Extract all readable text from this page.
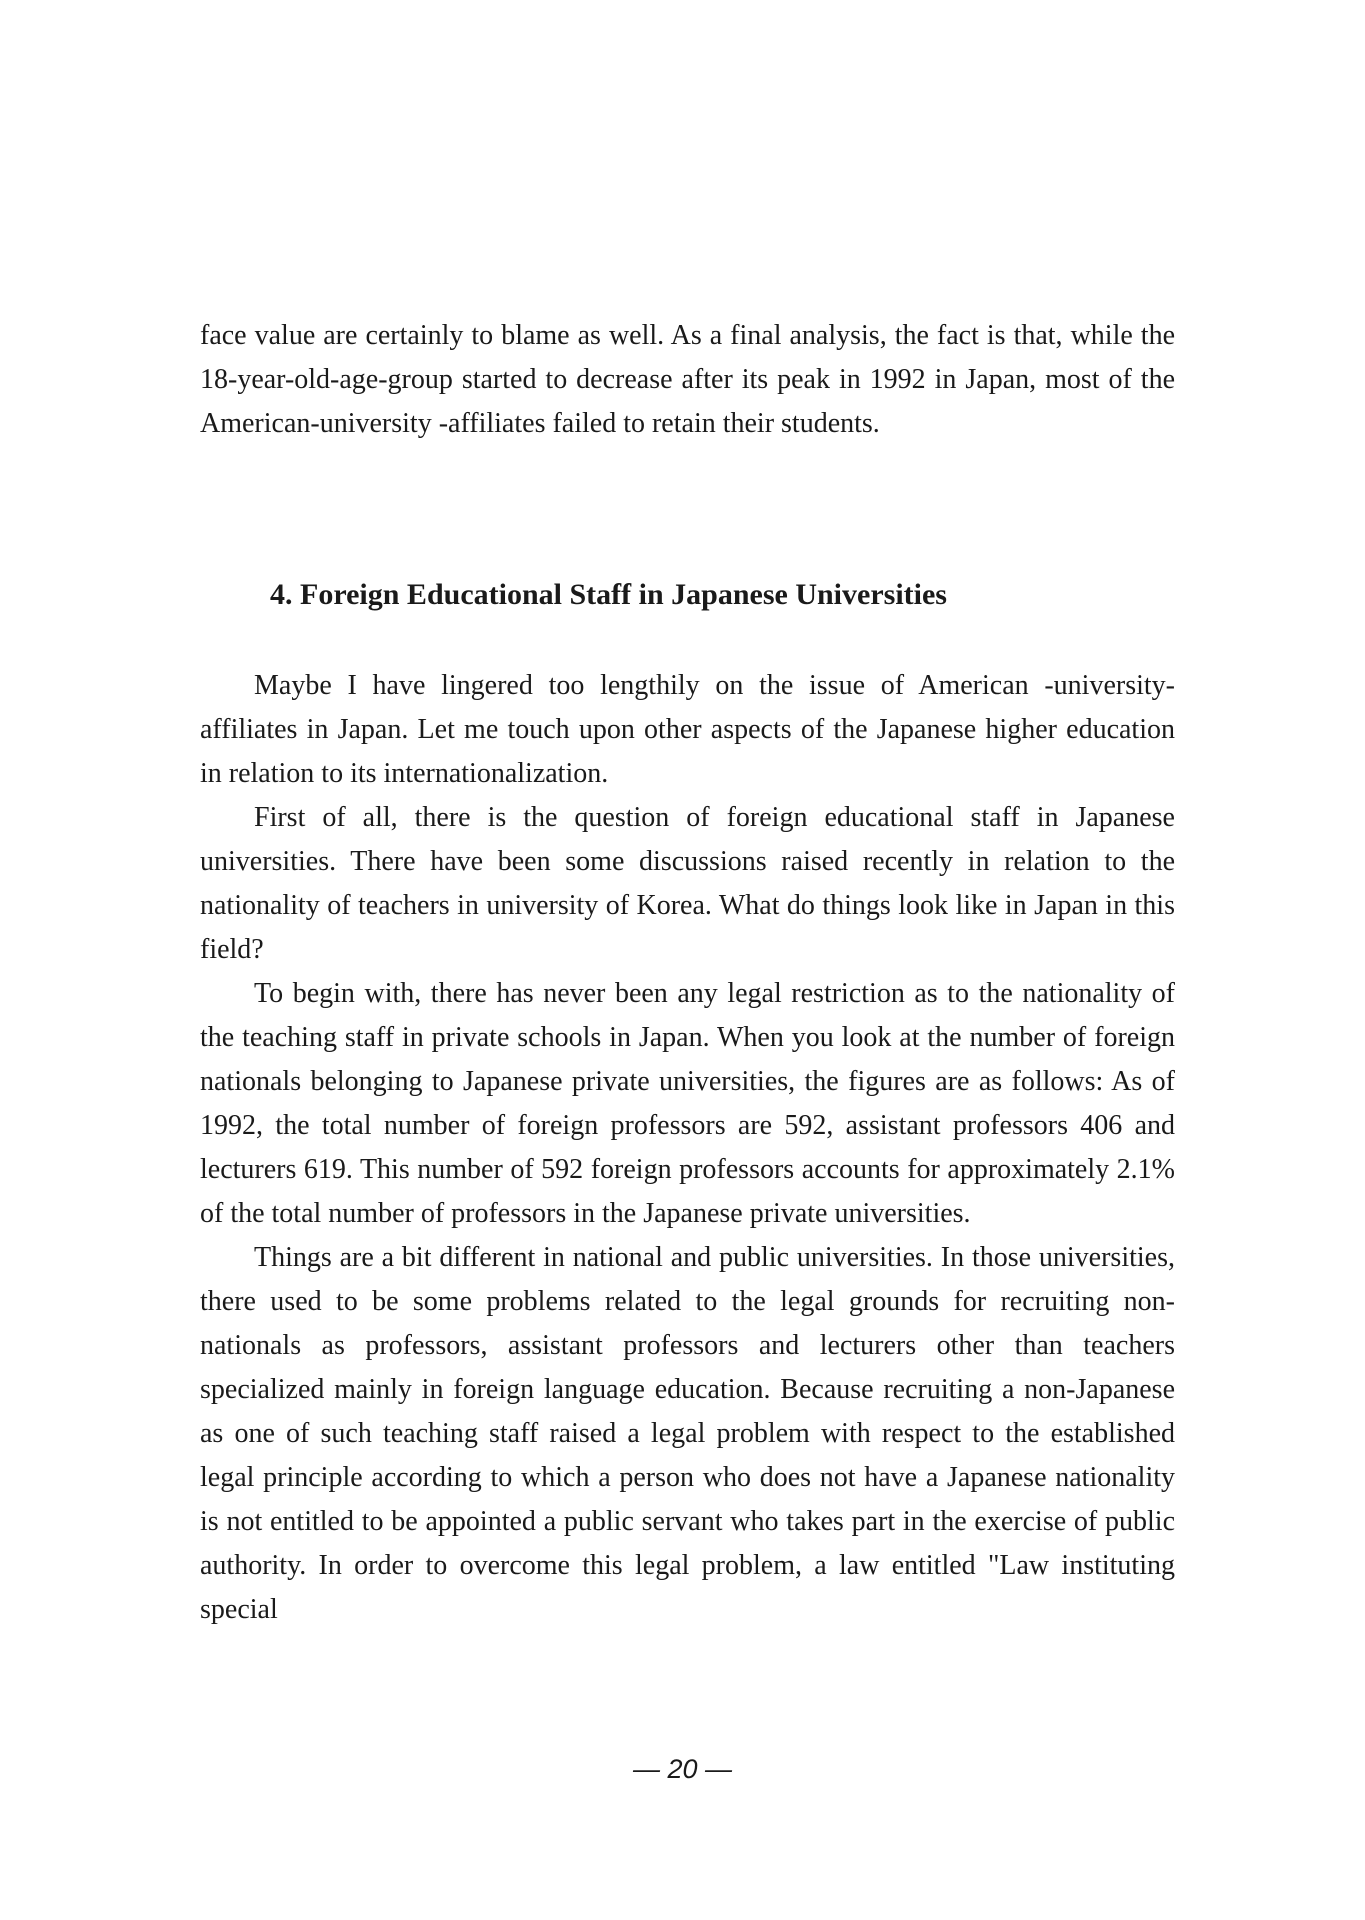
face value are certainly to blame as well. As a final analysis, the fact is that, while the 18-year-old-age-group started to decrease after its peak in 1992 in Japan, most of the American-university -affiliates failed to retain their students.

4. Foreign Educational Staff in Japanese Universities

Maybe I have lingered too lengthily on the issue of American -university-affiliates in Japan. Let me touch upon other aspects of the Japanese higher education in relation to its internationalization.

First of all, there is the question of foreign educational staff in Japanese universities. There have been some discussions raised recently in relation to the nationality of teachers in university of Korea. What do things look like in Japan in this field?

To begin with, there has never been any legal restriction as to the nationality of the teaching staff in private schools in Japan. When you look at the number of foreign nationals belonging to Japanese private universities, the figures are as follows: As of 1992, the total number of foreign professors are 592, assistant professors 406 and lecturers 619. This number of 592 foreign professors accounts for approximately 2.1% of the total number of professors in the Japanese private universities.

Things are a bit different in national and public universities. In those universities, there used to be some problems related to the legal grounds for recruiting non-nationals as professors, assistant professors and lecturers other than teachers specialized mainly in foreign language education. Because recruiting a non-Japanese as one of such teaching staff raised a legal problem with respect to the established legal principle according to which a person who does not have a Japanese nationality is not entitled to be appointed a public servant who takes part in the exercise of public authority. In order to overcome this legal problem, a law entitled "Law instituting special

— 20 —
